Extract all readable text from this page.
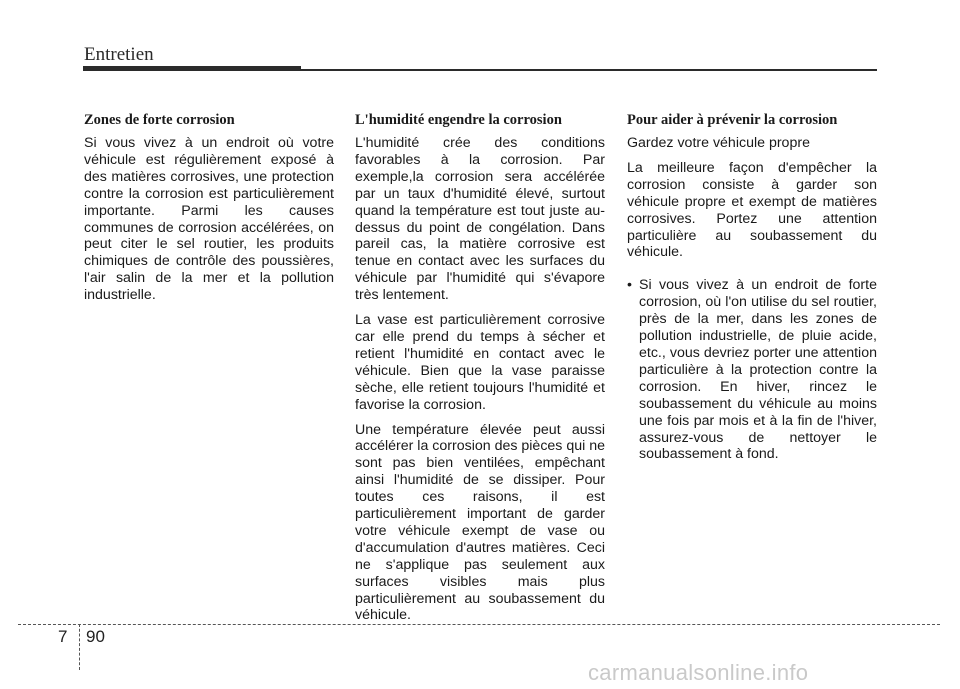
Entretien
Zones de forte corrosion

Si vous vivez à un endroit où votre véhicule est régulièrement exposé à des matières corrosives, une protection contre la corrosion est particulièrement importante. Parmi les causes communes de corrosion accélérées, on peut citer le sel routier, les produits chimiques de contrôle des poussières, l'air salin de la mer et la pollution industrielle.

L'humidité engendre la corrosion

L'humidité crée des conditions favorables à la corrosion. Par exemple,la corrosion sera accélérée par un taux d'humidité élevé, surtout quand la température est tout juste au-dessus du point de congélation. Dans pareil cas, la matière corrosive est tenue en contact avec les surfaces du véhicule par l'humidité qui s'évapore très lentement.

La vase est particulièrement corrosive car elle prend du temps à sécher et retient l'humidité en contact avec le véhicule. Bien que la vase paraisse sèche, elle retient toujours l'humidité et favorise la corrosion.

Une température élevée peut aussi accélérer la corrosion des pièces qui ne sont pas bien ventilées, empêchant ainsi l'humidité de se dissiper. Pour toutes ces raisons, il est particulièrement important de garder votre véhicule exempt de vase ou d'accumulation d'autres matières. Ceci ne s'applique pas seulement aux surfaces visibles mais plus particulièrement au soubassement du véhicule.

Pour aider à prévenir la corrosion

Gardez votre véhicule propre

La meilleure façon d'empêcher la corrosion consiste à garder son véhicule propre et exempt de matières corrosives. Portez une attention particulière au soubassement du véhicule.

• Si vous vivez à un endroit de forte corrosion, où l'on utilise du sel routier, près de la mer, dans les zones de pollution industrielle, de pluie acide, etc., vous devriez porter une attention particulière à la protection contre la corrosion. En hiver, rincez le soubassement du véhicule au moins une fois par mois et à la fin de l'hiver, assurez-vous de nettoyer le soubassement à fond.
7 90
carmanualsonline.info
